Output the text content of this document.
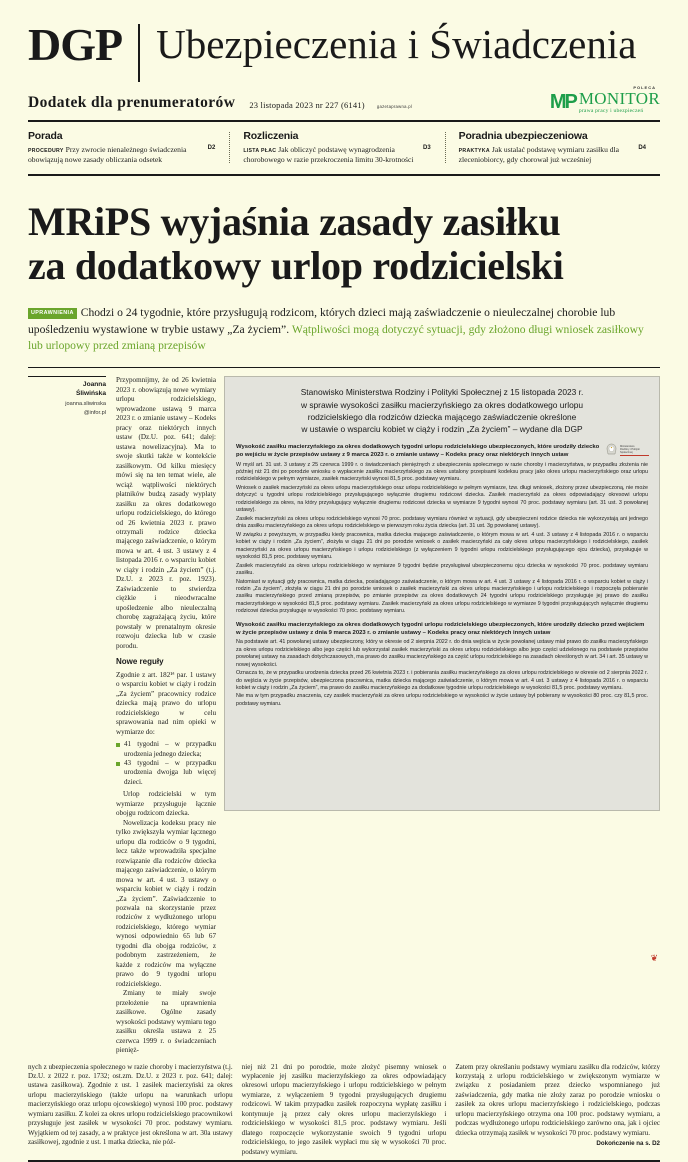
DGP Ubezpieczenia i Świadczenia
Dodatek dla prenumeratorów 23 listopada 2023 nr 227 (6141)	gazetaprawna.pl
POLECA
MP MONITOR
prawa pracy i ubezpieczeń
Porada
D2
PROCEDURY Przy zwrocie nienależnego świadczenia obowiązują nowe zasady obliczania odsetek
Rozliczenia
D3
LISTA PŁAC Jak obliczyć podstawę wynagrodzenia chorobowego w razie przekroczenia limitu 30-krotności
Poradnia ubezpieczeniowa
D4
PRAKTYKA Jak ustalać podstawę wymiaru zasiłku dla zleceniobiorcy, gdy chorował już wcześniej
MRiPS wyjaśnia zasady zasiłku
za dodatkowy urlop rodzicielski
UPRAWNIENIA Chodzi o 24 tygodnie, które przysługują rodzicom, których dzieci mają zaświadczenie o nieuleczalnej chorobie lub upośledzeniu wystawione w trybie ustawy „Za życiem”. Wątpliwości mogą dotyczyć sytuacji, gdy złożono długi wniosek zasiłkowy lub urlopowy przed zmianą przepisów
Joanna
Śliwińska
joanna.sliwinska
@infor.pl

Przypomnijmy, że od 26 kwietnia 2023 r. obowiązują nowe wymiary urlopu rodzicielskiego, wprowadzone ustawą 9 marca 2023 r. o zmianie ustawy – Kodeks pracy oraz niektórych innych ustaw (Dz.U. poz. 641; dalej: ustawa nowelizacyjna). Ma to swoje skutki także w kontekście zasiłkowym. Od kilku miesięcy mówi się na ten temat wiele, ale wciąż wątpliwości niektórych płatników budzą zasady wypłaty zasiłku za okres dodatkowego urlopu rodzicielskiego, do którego od 26 kwietnia 2023 r. prawo otrzymali rodzice dziecka mającego zaświadczenie, o którym mowa w art. 4 ust. 3 ustawy z 4 listopada 2016 r. o wsparciu kobiet w ciąży i rodzin „Za życiem” (t.j. Dz.U. z 2023 r. poz. 1923). Zaświadczenie to stwierdza ciężkie i nieodwracalne upośledzenie albo nieuleczalną chorobę zagrażającą życiu, które powstały w prenatalnym okresie rozwoju dziecka lub w czasie porodu.

Nowe reguły

Zgodnie z art. 182¹ª par. 1 ustawy o wsparciu kobiet w ciąży i rodzin „Za życiem” pracownicy rodzice dziecka mają prawo do urlopu rodzicielskiego w celu sprawowania nad nim opieki w wymiarze do:

41 tygodni – w przypadku urodzenia jednego dziecka;
43 tygodni – w przypadku urodzenia dwojga lub więcej dzieci.

Urlop rodzicielski w tym wymiarze przysługuje łącznie obojgu rodzicom dziecka.

Nowelizacja kodeksu pracy nie tylko zwiększyła wymiar łącznego urlopu dla rodziców o 9 tygodni, lecz także wprowadziła specjalne rozwiązanie dla rodziców dziecka mającego zaświadczenie, o którym mowa w art. 4 ust. 3 ustawy o wsparciu kobiet w ciąży i rodzin „Za życiem”. Zaświadczenie to pozwala na skorzystanie przez rodziców z wydłużonego urlopu rodzicielskiego, którego wymiar wynosi odpowiednio 65 lub 67 tygodni dla obojga rodziców, z podobnym zastrzeżeniem, że każde z rodziców ma wyłączne prawo do 9 tygodni urlopu rodzicielskiego.

Zmiany te miały swoje przełożenie na uprawnienia zasiłkowe. Ogólne zasady wysokości podstawy wymiaru tego zasiłku określa ustawa z 25 czerwca 1999 r. o świadczeniach pienięż-

Stanowisko Ministerstwa Rodziny i Polityki Społecznej z 15 listopada 2023 r.
w sprawie wysokości zasiłku macierzyńskiego za okres dodatkowego urlopu
rodzicielskiego dla rodziców dziecka mającego zaświadczenie określone
w ustawie o wsparciu kobiet w ciąży i rodzin „Za życiem” – wydane dla DGP
Ministerstwo
Rodziny i Polityki Społecznej
Wysokość zasiłku macierzyńskiego za okres dodatkowych tygodni urlopu rodzicielskiego ubezpieczonych, które urodziły dziecko po wejściu w życie przepisów ustawy z 9 marca 2023 r. o zmianie ustawy – Kodeks pracy oraz niektórych innych ustaw
W myśl art. 31 ust. 3 ustawy z 25 czerwca 1999 r. o świadczeniach pieniężnych z ubezpieczenia społecznego w razie choroby i macierzyństwa, w przypadku złożenia nie później niż 21 dni po porodzie wniosku o wypłacenie zasiłku macierzyńskiego za okres ustalony przepisami kodeksu pracy jako okres urlopu macierzyńskiego oraz urlopu rodzicielskiego w pełnym wymiarze, zasiłek macierzyński wynosi 81,5 proc. podstawy wymiaru.
Wniosek o zasiłek macierzyński za okres urlopu macierzyńskiego oraz urlopu rodzicielskiego w pełnym wymiarze, tzw. długi wniosek, złożony przez ubezpieczoną, nie może dotyczyć u tygodni urlopu rodzicielskiego przysługującego wyłącznie drugiemu rodzicowi dziecka. Zasiłek macierzyński za okres odpowiadający okresowi urlopu rodzicielskiego za okres, na który przysługujący wyłącznie drugiemu rodzicowi dziecka w wymiarze 9 tygodni wynosi 70 proc. podstawy wymiaru (art. 31 ust. 3 powołanej ustawy).
Zasiłek macierzyński za okres urlopu rodzicielskiego wynosi 70 proc. podstawy wymiaru również w sytuacji, gdy ubezpieczeni rodzice dziecka nie wykorzystają ani jednego dnia zasiłku macierzyńskiego za okres urlopu rodzicielskiego w pierwszym roku życia dziecka (art. 31 ust. 3g powołanej ustawy).
W związku z powyższym, w przypadku kiedy pracownica, matka dziecka mającego zaświadczenie, o którym mowa w art. 4 ust. 3 ustawy z 4 listopada 2016 r. o wsparciu kobiet w ciąży i rodzin „Za życiem”, złożyła w ciągu 21 dni po porodzie wniosek o zasiłek macierzyński za cały okres urlopu macierzyńskiego i rodzicielskiego, zasiłek macierzyński za okres urlopu macierzyńskiego i urlopu rodzicielskiego (z wyłączeniem 9 tygodni urlopu rodzicielskiego przysługującego ojcu dziecka), przysługuje w wysokości 81,5 proc. podstawy wymiaru.
Zasiłek macierzyński za okres urlopu rodzicielskiego w wymiarze 9 tygodni będzie przysługiwał ubezpieczonemu ojcu dziecka w wysokości 70 proc. podstawy wymiaru zasiłku.
Natomiast w sytuacji gdy pracownica, matka dziecka, posiadającego zaświadczenie, o którym mowa w art. 4 ust. 3 ustawy z 4 listopada 2016 r. o wsparciu kobiet w ciąży i rodzin „Za życiem”, złożyła w ciągu 21 dni po porodzie wniosek o zasiłek macierzyński za okres urlopu macierzyńskiego i urlopu rodzicielskiego i rozpoczęła pobieranie zasiłku macierzyńskiego przed zmianą przepisów, po zmianie przepisów za okres dodatkowych 24 tygodni urlopu rodzicielskiego przysługuje jej prawo do zasiłku macierzyńskiego w wysokości 81,5 proc. podstawy wymiaru. Zasiłek macierzyński za okres urlopu rodzicielskiego w wymiarze 9 tygodni przysługujących wyłącznie drugiemu rodzicowi dziecka przysługuje w wysokości 70 proc. podstawy wymiaru.
Wysokość zasiłku macierzyńskiego za okres dodatkowych tygodni urlopu rodzicielskiego ubezpieczonych, które urodziły dziecko przed wejściem w życie przepisów ustawy z dnia 9 marca 2023 r. o zmianie ustawy – Kodeks pracy oraz niektórych innych ustaw
Na podstawie art. 41 powołanej ustawy ubezpieczony, który w okresie od 2 sierpnia 2022 r. do dnia wejścia w życie powołanej ustawy miał prawo do zasiłku macierzyńskiego za okres urlopu rodzicielskiego albo jego części lub wykorzystał zasiłek macierzyński za okres urlopu rodzicielskiego albo jego części udzielonego na podstawie przepisów powołanej ustawy na zasadach dotychczasowych, ma prawo do zasiłku macierzyńskiego za część urlopu rodzicielskiego na zasadach określonych w art. 34 i art. 35 ustawy w nowej wysokości.
Oznacza to, że w przypadku urodzenia dziecka przed 26 kwietnia 2023 r. i pobierania zasiłku macierzyńskiego za okres urlopu rodzicielskiego w okresie od 2 sierpnia 2022 r. do wejścia w życie przepisów, ubezpieczona pracownica, matka dziecka mającego zaświadczenie, o którym mowa w art. 4 ust. 3 ustawy z 4 listopada 2016 r. o wsparciu kobiet w ciąży i rodzin „Za życiem”, ma prawo do zasiłku macierzyńskiego za dodatkowe tygodnie urlopu rodzicielskiego w wysokości 81,5 proc. podstawy wymiaru.
Nie ma w tym przypadku znaczenia, czy zasiłek macierzyński za okres urlopu rodzicielskiego w wysokości w życie ustawy był pobierany w wysokości 80 proc. czy 81,5 proc. podstawy wymiaru.

nych z ubezpieczenia społecznego w razie choroby i macierzyństwa (t.j. Dz.U. z 2022 r. poz. 1732; ost.zm. Dz.U. z 2023 r. poz. 641; dalej: ustawa zasiłkowa). Zgodnie z ust. 1 zasiłek macierzyński za okres urlopu macierzyńskiego (także urlopu na warunkach urlopu macierzyńskiego oraz urlopu ojcowskiego) wynosi 100 proc. podstawy wymiaru zasiłku. Z kolei za okres urlopu rodzicielskiego pracownikowi przysługuje jest zasiłek w wysokości 70 proc. podstawy wymiaru. Wyjątkiem od tej zasady, a w praktyce jest określona w art. 30a ustawy zasiłkowej, zgodnie z ust. 1 matka dziecka, nie póź-

niej niż 21 dni po porodzie, może złożyć pisemny wniosek o wypłacenie jej zasiłku macierzyńskiego za okres odpowiadający okresowi urlopu macierzyńskiego i urlopu rodzicielskiego w pełnym wymiarze, z wyłączeniem 9 tygodni przysługujących drugiemu rodzicowi. W takim przypadku zasiłek rozpoczyna wypłatę zasiłku i kontynuuje ją przez cały okres urlopu macierzyńskiego i rodzicielskiego w wysokości 81,5 proc. podstawy wymiaru. Jeśli dlatego rozpoczęcie wykorzystanie swoich 9 tygodni urlopu rodzicielskiego, to jego zasiłek wypłaci mu się w wysokości 70 proc. podstawy wymiaru.

Zatem przy określaniu podstawy wymiaru zasiłku dla rodziców, którzy korzystają z urlopu rodzicielskiego w zwiększonym wymiarze w związku z posiadaniem przez dziecko wspomnianego już zaświadczenia, gdy matka nie złoży zaraz po porodzie wniosku o zasiłek za okres urlopu macierzyńskiego i rodzicielskiego, podczas urlopu macierzyńskiego otrzyma ona 100 proc. podstawy wymiaru, a podczas wydłużonego urlopu rodzicielskiego zarówno ona, jak i ojciec dziecka otrzymają zasiłek w wysokości 70 proc. podstawy wymiaru.

Dokończenie na s. D2
❦
